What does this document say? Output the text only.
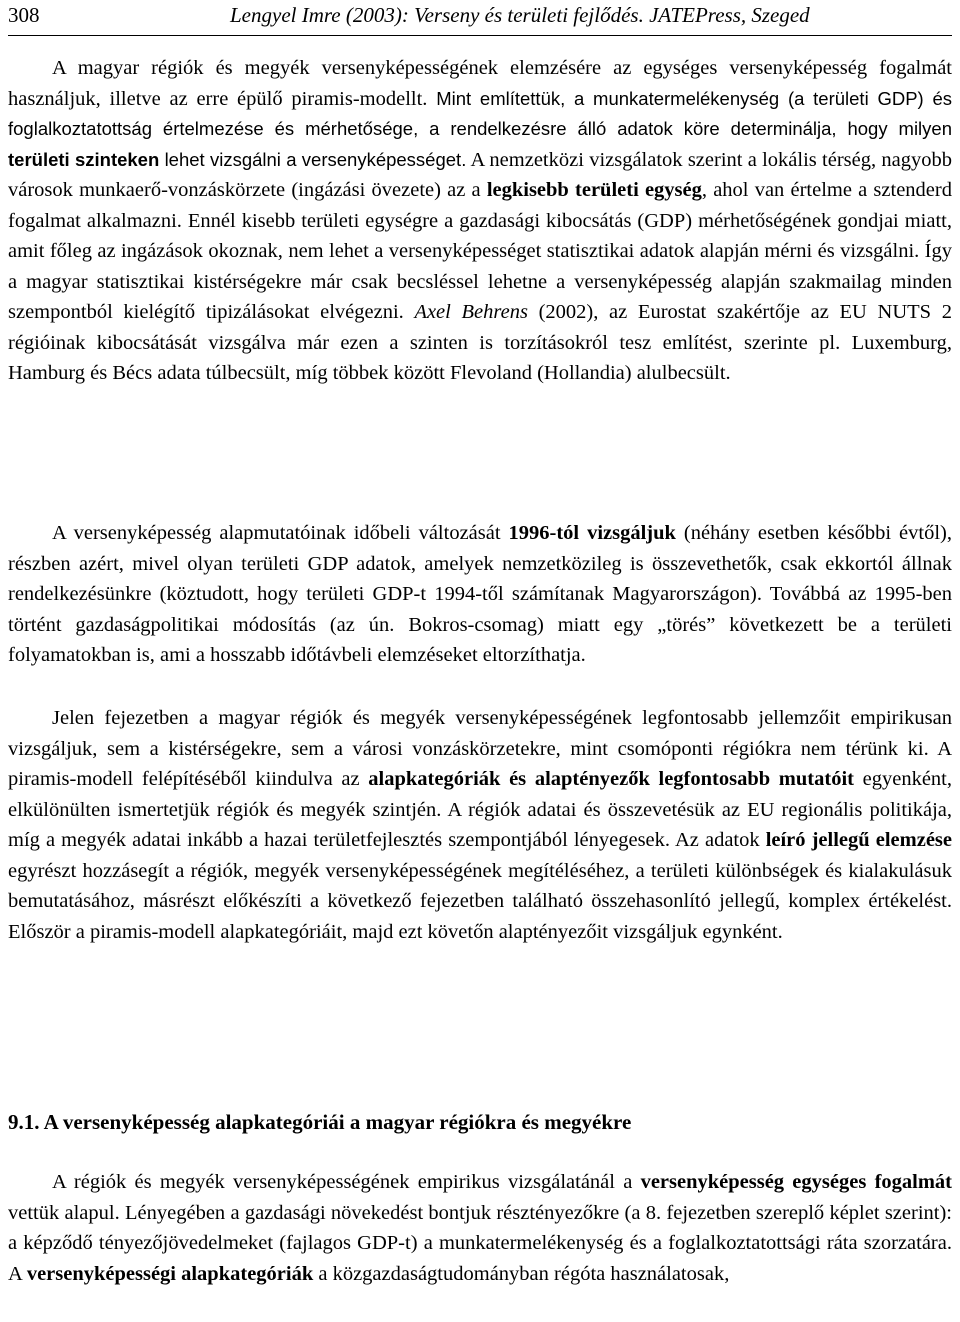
308	Lengyel Imre (2003): Verseny és területi fejlődés. JATEPress, Szeged

A magyar régiók és megyék versenyképességének elemzésére az egységes versenyképesség fogalmát használjuk, illetve az erre épülő piramis-modellt. Mint említettük, a munkatermelékenység (a területi GDP) és foglalkoztatottság értelmezése és mérhetősége, a rendelkezésre álló adatok köre determinálja, hogy milyen területi szinteken lehet vizsgálni a versenyképességet. A nemzetközi vizsgálatok szerint a lokális térség, nagyobb városok munkaerő-vonzáskörzete (ingázási övezete) az a legkisebb területi egység, ahol van értelme a sztenderd fogalmat alkalmazni. Ennél kisebb területi egységre a gazdasági kibocsátás (GDP) mérhetőségének gondjai miatt, amit főleg az ingázások okoznak, nem lehet a versenyképességet statisztikai adatok alapján mérni és vizsgálni. Így a magyar statisztikai kistérségekre már csak becsléssel lehetne a versenyképesség alapján szakmailag minden szempontból kielégítő tipizálásokat elvégezni. Axel Behrens (2002), az Eurostat szakértője az EU NUTS 2 régióinak kibocsátását vizsgálva már ezen a szinten is torzításokról tesz említést, szerinte pl. Luxemburg, Hamburg és Bécs adata túlbecsült, míg többek között Flevoland (Hollandia) alulbecsült.

A versenyképesség alapmutatóinak időbeli változását 1996-tól vizsgáljuk (néhány esetben későbbi évtől), részben azért, mivel olyan területi GDP adatok, amelyek nemzetközileg is összevethetők, csak ekkortól állnak rendelkezésünkre (köztudott, hogy területi GDP-t 1994-től számítanak Magyarországon). Továbbá az 1995-ben történt gazdaságpolitikai módosítás (az ún. Bokros-csomag) miatt egy „törés” következett be a területi folyamatokban is, ami a hosszabb időtávbeli elemzéseket eltorzíthatja.

Jelen fejezetben a magyar régiók és megyék versenyképességének legfontosabb jellemzőit empirikusan vizsgáljuk, sem a kistérségekre, sem a városi vonzáskörzetekre, mint csomóponti régiókra nem térünk ki. A piramis-modell felépítéséből kiindulva az alapkategóriák és alaptényezők legfontosabb mutatóit egyenként, elkülönülten ismertetjük régiók és megyék szintjén. A régiók adatai és összevetésük az EU regionális politikája, míg a megyék adatai inkább a hazai területfejlesztés szempontjából lényegesek. Az adatok leíró jellegű elemzése egyrészt hozzásegít a régiók, megyék versenyképességének megítéléséhez, a területi különbségek és kialakulásuk bemutatásához, másrészt előkészíti a következő fejezetben található összehasonlító jellegű, komplex értékelést. Először a piramis-modell alapkategóriáit, majd ezt követőn alaptényezőit vizsgáljuk egynként.

9.1. A versenyképesség alapkategóriái a magyar régiókra és megyékre

A régiók és megyék versenyképességének empirikus vizsgálatánál a versenyképesség egységes fogalmát vettük alapul. Lényegében a gazdasági növekedést bontjuk résztényezőkre (a 8. fejezetben szereplő képlet szerint): a képződő tényezőjövedelmeket (fajlagos GDP-t) a munkatermelékenység és a foglalkoztatottsági ráta szorzatára. A versenyképességi alapkategóriák a közgazdaságtudományban régóta használatosak,
